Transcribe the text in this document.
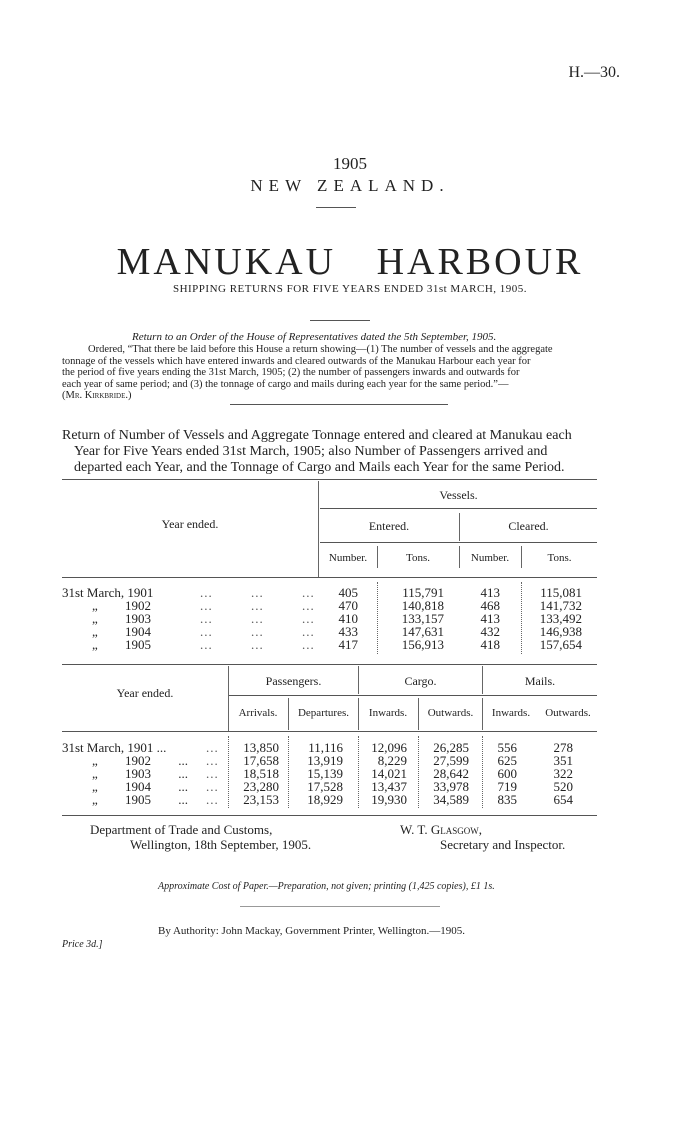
H.—30.
1905
NEW ZEALAND.
MANUKAU HARBOUR
SHIPPING RETURNS FOR FIVE YEARS ENDED 31st MARCH, 1905.
Return to an Order of the House of Representatives dated the 5th September, 1905.
Ordered, “That there be laid before this House a return showing—(1) The number of vessels and the aggregate
tonnage of the vessels which have entered inwards and cleared outwards of the Manukau Harbour each year for
the period of five years ending the 31st March, 1905; (2) the number of passengers inwards and outwards for
each year of same period; and (3) the tonnage of cargo and mails during each year for the same period.”—
(Mr. Kirkbride.)
Return of Number of Vessels and Aggregate Tonnage entered and cleared at Manukau each
Year for Five Years ended 31st March, 1905; also Number of Passengers arrived and
departed each Year, and the Tonnage of Cargo and Mails each Year for the same Period.
Vessels.
Year ended.	Entered.	Cleared.
Number.	Tons.	Number.	Tons.
31st March, 1901	...         ...         ...	405	115,791	413	115,081
„ 1902	...         ...         ...	470	140,818	468	141,732
„ 1903	...         ...         ...	410	133,157	413	133,492
„ 1904	...         ...         ...	433	147,631	432	146,938
„ 1905	...         ...         ...	417	156,913	418	157,654
Year ended.
Passengers.	Cargo.	Mails.
Arrivals.	Departures.	Inwards.	Outwards.	Inwards.	Outwards.
31st March, 1901 ...	...	13,850	11,116	12,096	26,285	556	278
„ 1902 ... ...	17,658	13,919	8,229	27,599	625	351
„ 1903 ... ...	18,518	15,139	14,021	28,642	600	322
„ 1904 ... ...	23,280	17,528	13,437	33,978	719	520
„ 1905 ... ...	23,153	18,929	19,930	34,589	835	654
Department of Trade and Customs,
Wellington, 18th September, 1905.
W. T. Glasgow,
Secretary and Inspector.
Approximate Cost of Paper.—Preparation, not given; printing (1,425 copies), £1 1s.
By Authority: John Mackay, Government Printer, Wellington.—1905.
Price 3d.]
